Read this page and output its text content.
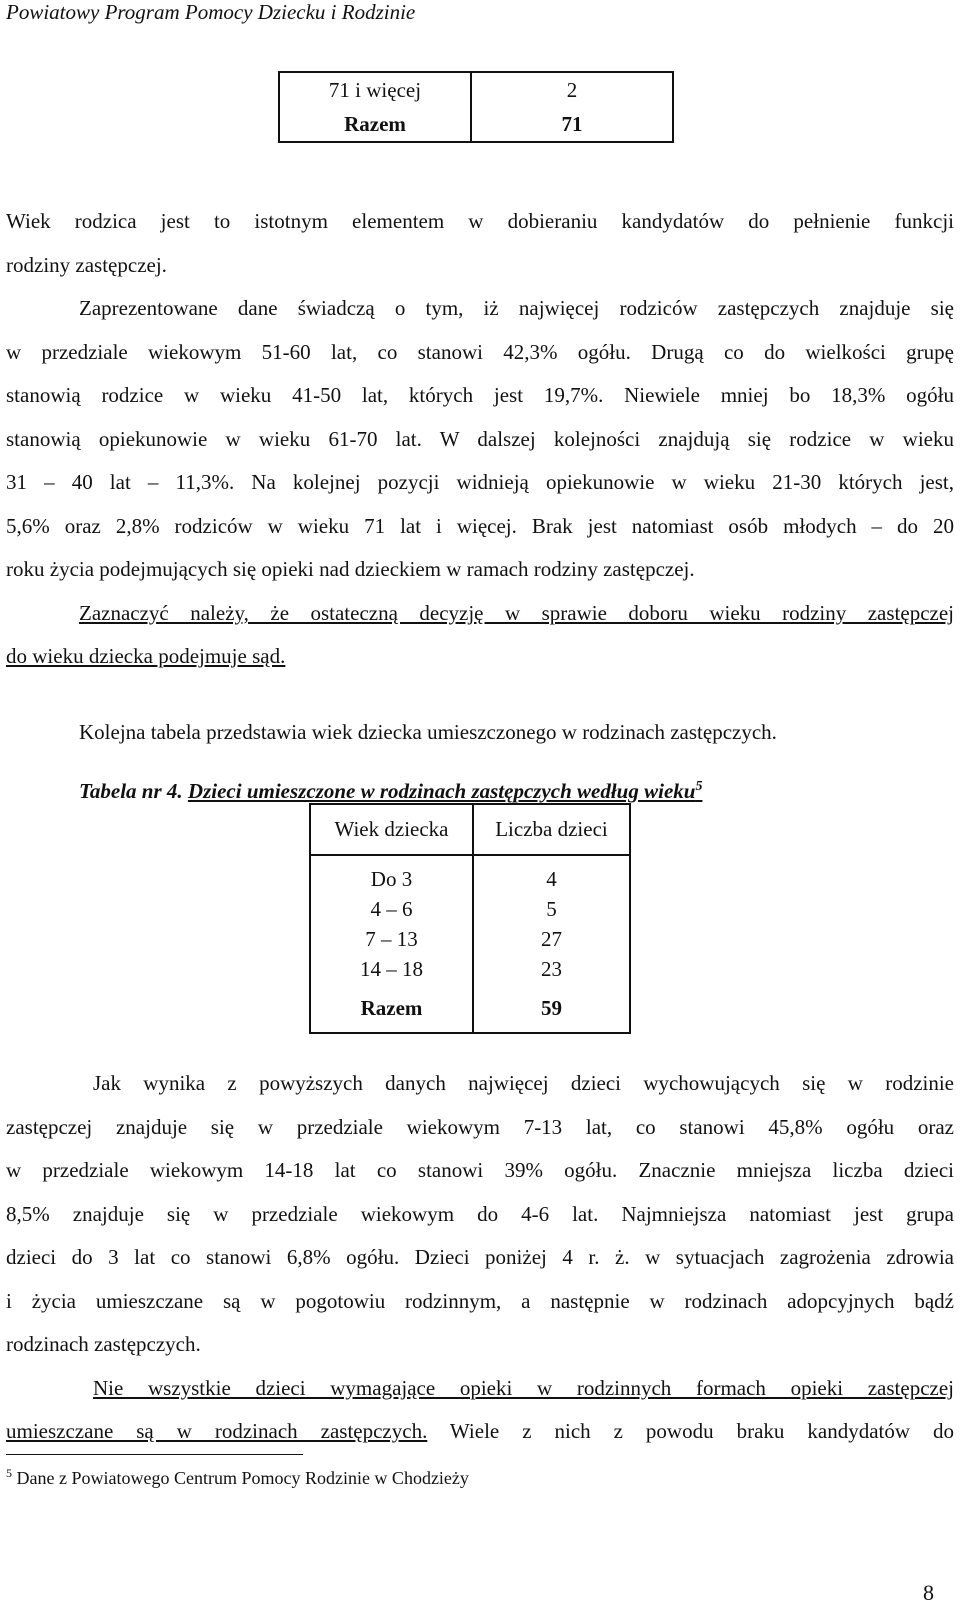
Powiatowy Program Pomocy Dziecku i Rodzinie
71 i więcej	2
Razem	71
Wiek rodzica jest to istotnym elementem w dobieraniu kandydatów do pełnienie funkcji
rodziny zastępczej.
Zaprezentowane dane świadczą o tym, iż najwięcej rodziców zastępczych znajduje się
w przedziale wiekowym 51-60 lat, co stanowi 42,3% ogółu. Drugą co do wielkości grupę
stanowią rodzice w wieku 41-50 lat, których jest 19,7%. Niewiele mniej bo 18,3% ogółu
stanowią opiekunowie w wieku 61-70 lat. W dalszej kolejności znajdują się rodzice w wieku
31 – 40 lat – 11,3%. Na kolejnej pozycji widnieją opiekunowie w wieku 21-30 których jest,
5,6% oraz 2,8% rodziców w wieku 71 lat i więcej. Brak jest natomiast osób młodych – do 20
roku życia podejmujących się opieki nad dzieckiem w ramach rodziny zastępczej.
Zaznaczyć należy, że ostateczną decyzję w sprawie doboru wieku rodziny zastępczej
do wieku dziecka podejmuje sąd.
Kolejna tabela przedstawia wiek dziecka umieszczonego w rodzinach zastępczych.
Tabela nr 4. Dzieci umieszczone w rodzinach zastępczych według wieku$^5$
Wiek dziecka	Liczba dzieci
Do 3	4
4 – 6	5
7 – 13	27
14 – 18	23
Razem	59
Jak wynika z powyższych danych najwięcej dzieci wychowujących się w rodzinie
zastępczej znajduje się w przedziale wiekowym 7-13 lat, co stanowi 45,8% ogółu oraz
w przedziale wiekowym 14-18 lat co stanowi 39% ogółu. Znacznie mniejsza liczba dzieci
8,5% znajduje się w przedziale wiekowym do 4-6 lat. Najmniejsza natomiast jest grupa
dzieci do 3 lat co stanowi 6,8% ogółu. Dzieci poniżej 4 r. ż. w sytuacjach zagrożenia zdrowia
i życia umieszczane są w pogotowiu rodzinnym, a następnie w rodzinach adopcyjnych bądź
rodzinach zastępczych.
Nie wszystkie dzieci wymagające opieki w rodzinnych formach opieki zastępczej
umieszczane są w rodzinach zastępczych. Wiele z nich z powodu braku kandydatów do
$^5$ Dane z Powiatowego Centrum Pomocy Rodzinie w Chodzieży
8
